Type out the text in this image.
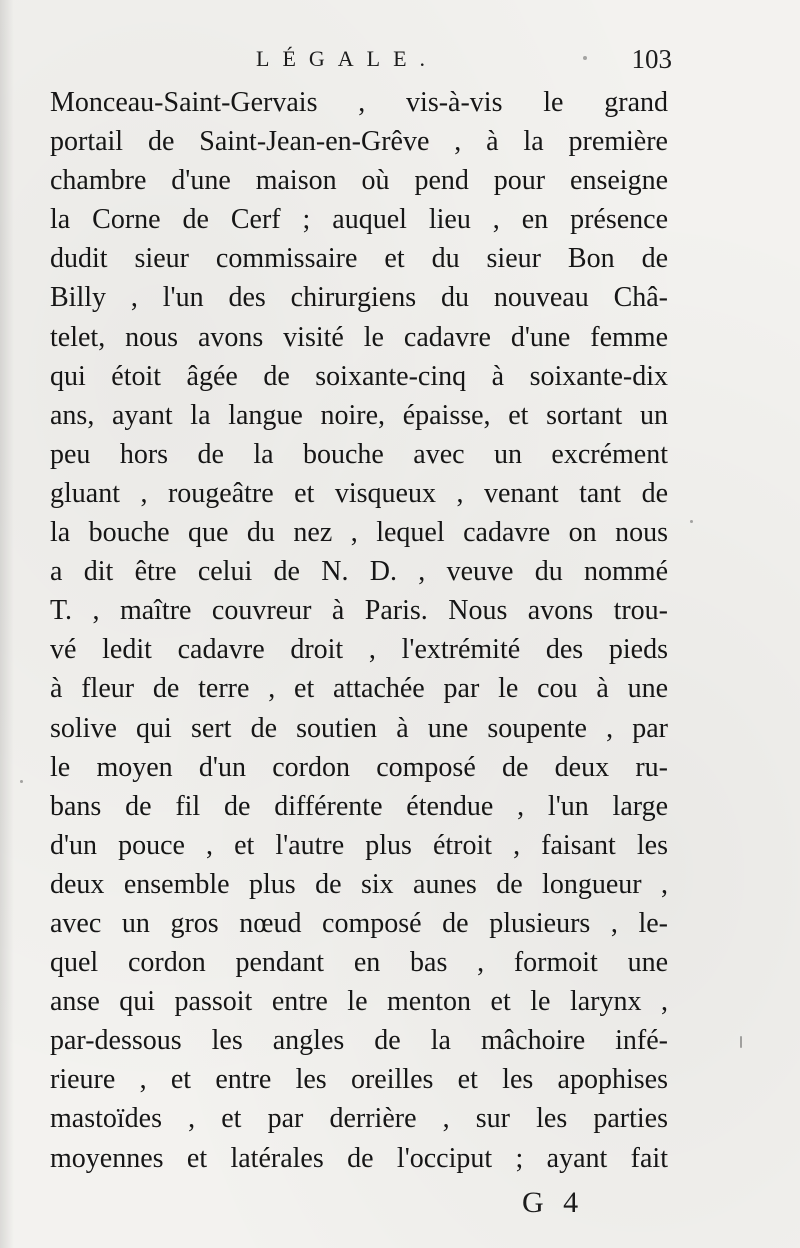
LÉGALE.	103
Monceau-Saint-Gervais , vis-à-vis le grand
portail de Saint-Jean-en-Grêve , à la première
chambre d'une maison où pend pour enseigne
la Corne de Cerf ; auquel lieu , en présence
dudit sieur commissaire et du sieur Bon de
Billy , l'un des chirurgiens du nouveau Châ-
telet, nous avons visité le cadavre d'une femme
qui étoit âgée de soixante-cinq à soixante-dix
ans, ayant la langue noire, épaisse, et sortant un
peu hors de la bouche avec un excrément
gluant , rougeâtre et visqueux , venant tant de
la bouche que du nez , lequel cadavre on nous
a dit être celui de N. D. , veuve du nommé
T. , maître couvreur à Paris. Nous avons trou-
vé ledit cadavre droit , l'extrémité des pieds
à fleur de terre , et attachée par le cou à une
solive qui sert de soutien à une soupente , par
le moyen d'un cordon composé de deux ru-
bans de fil de différente étendue , l'un large
d'un pouce , et l'autre plus étroit , faisant les
deux ensemble plus de six aunes de longueur ,
avec un gros nœud composé de plusieurs , le-
quel cordon pendant en bas , formoit une
anse qui passoit entre le menton et le larynx ,
par-dessous les angles de la mâchoire infé-
rieure , et entre les oreilles et les apophises
mastoïdes , et par derrière , sur les parties
moyennes et latérales de l'occiput ; ayant fait
G 4
